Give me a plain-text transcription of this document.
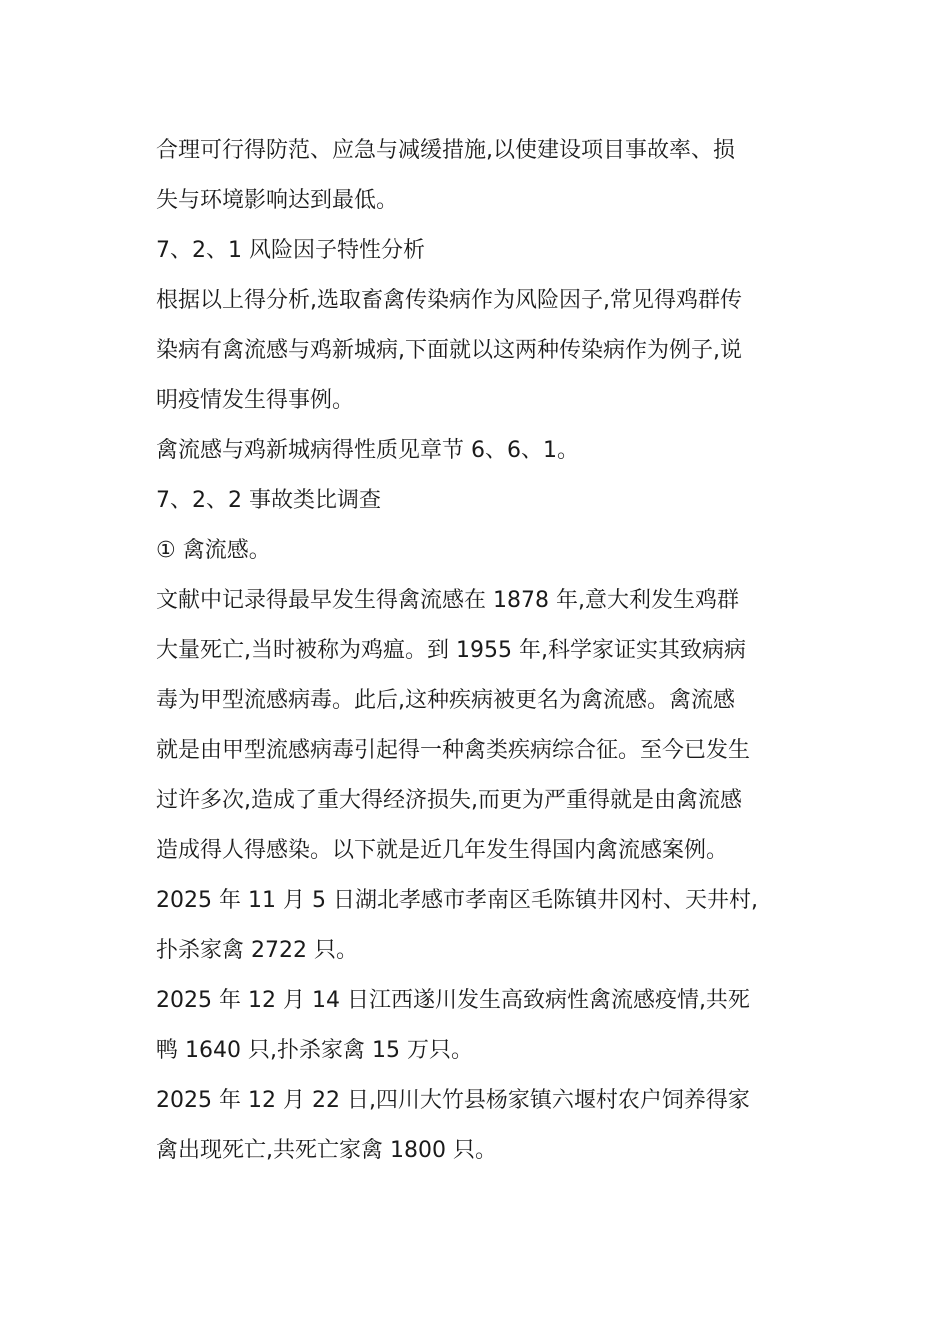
合理可行得防范、应急与减缓措施,以使建设项目事故率、损
失与环境影响达到最低。

7、2、1 风险因子特性分析

根据以上得分析,选取畜禽传染病作为风险因子,常见得鸡群传
染病有禽流感与鸡新城病,下面就以这两种传染病作为例子,说
明疫情发生得事例。

禽流感与鸡新城病得性质见章节 6、6、1。

7、2、2 事故类比调查

① 禽流感。

文献中记录得最早发生得禽流感在 1878 年,意大利发生鸡群
大量死亡,当时被称为鸡瘟。到 1955 年,科学家证实其致病病
毒为甲型流感病毒。此后,这种疾病被更名为禽流感。禽流感
就是由甲型流感病毒引起得一种禽类疾病综合征。至今已发生
过许多次,造成了重大得经济损失,而更为严重得就是由禽流感
造成得人得感染。以下就是近几年发生得国内禽流感案例。

2025 年 11 月 5 日湖北孝感市孝南区毛陈镇井冈村、天井村,
扑杀家禽 2722 只。

2025 年 12 月 14 日江西遂川发生高致病性禽流感疫情,共死
鸭 1640 只,扑杀家禽 15 万只。

2025 年 12 月 22 日,四川大竹县杨家镇六堰村农户饲养得家
禽出现死亡,共死亡家禽 1800 只。
